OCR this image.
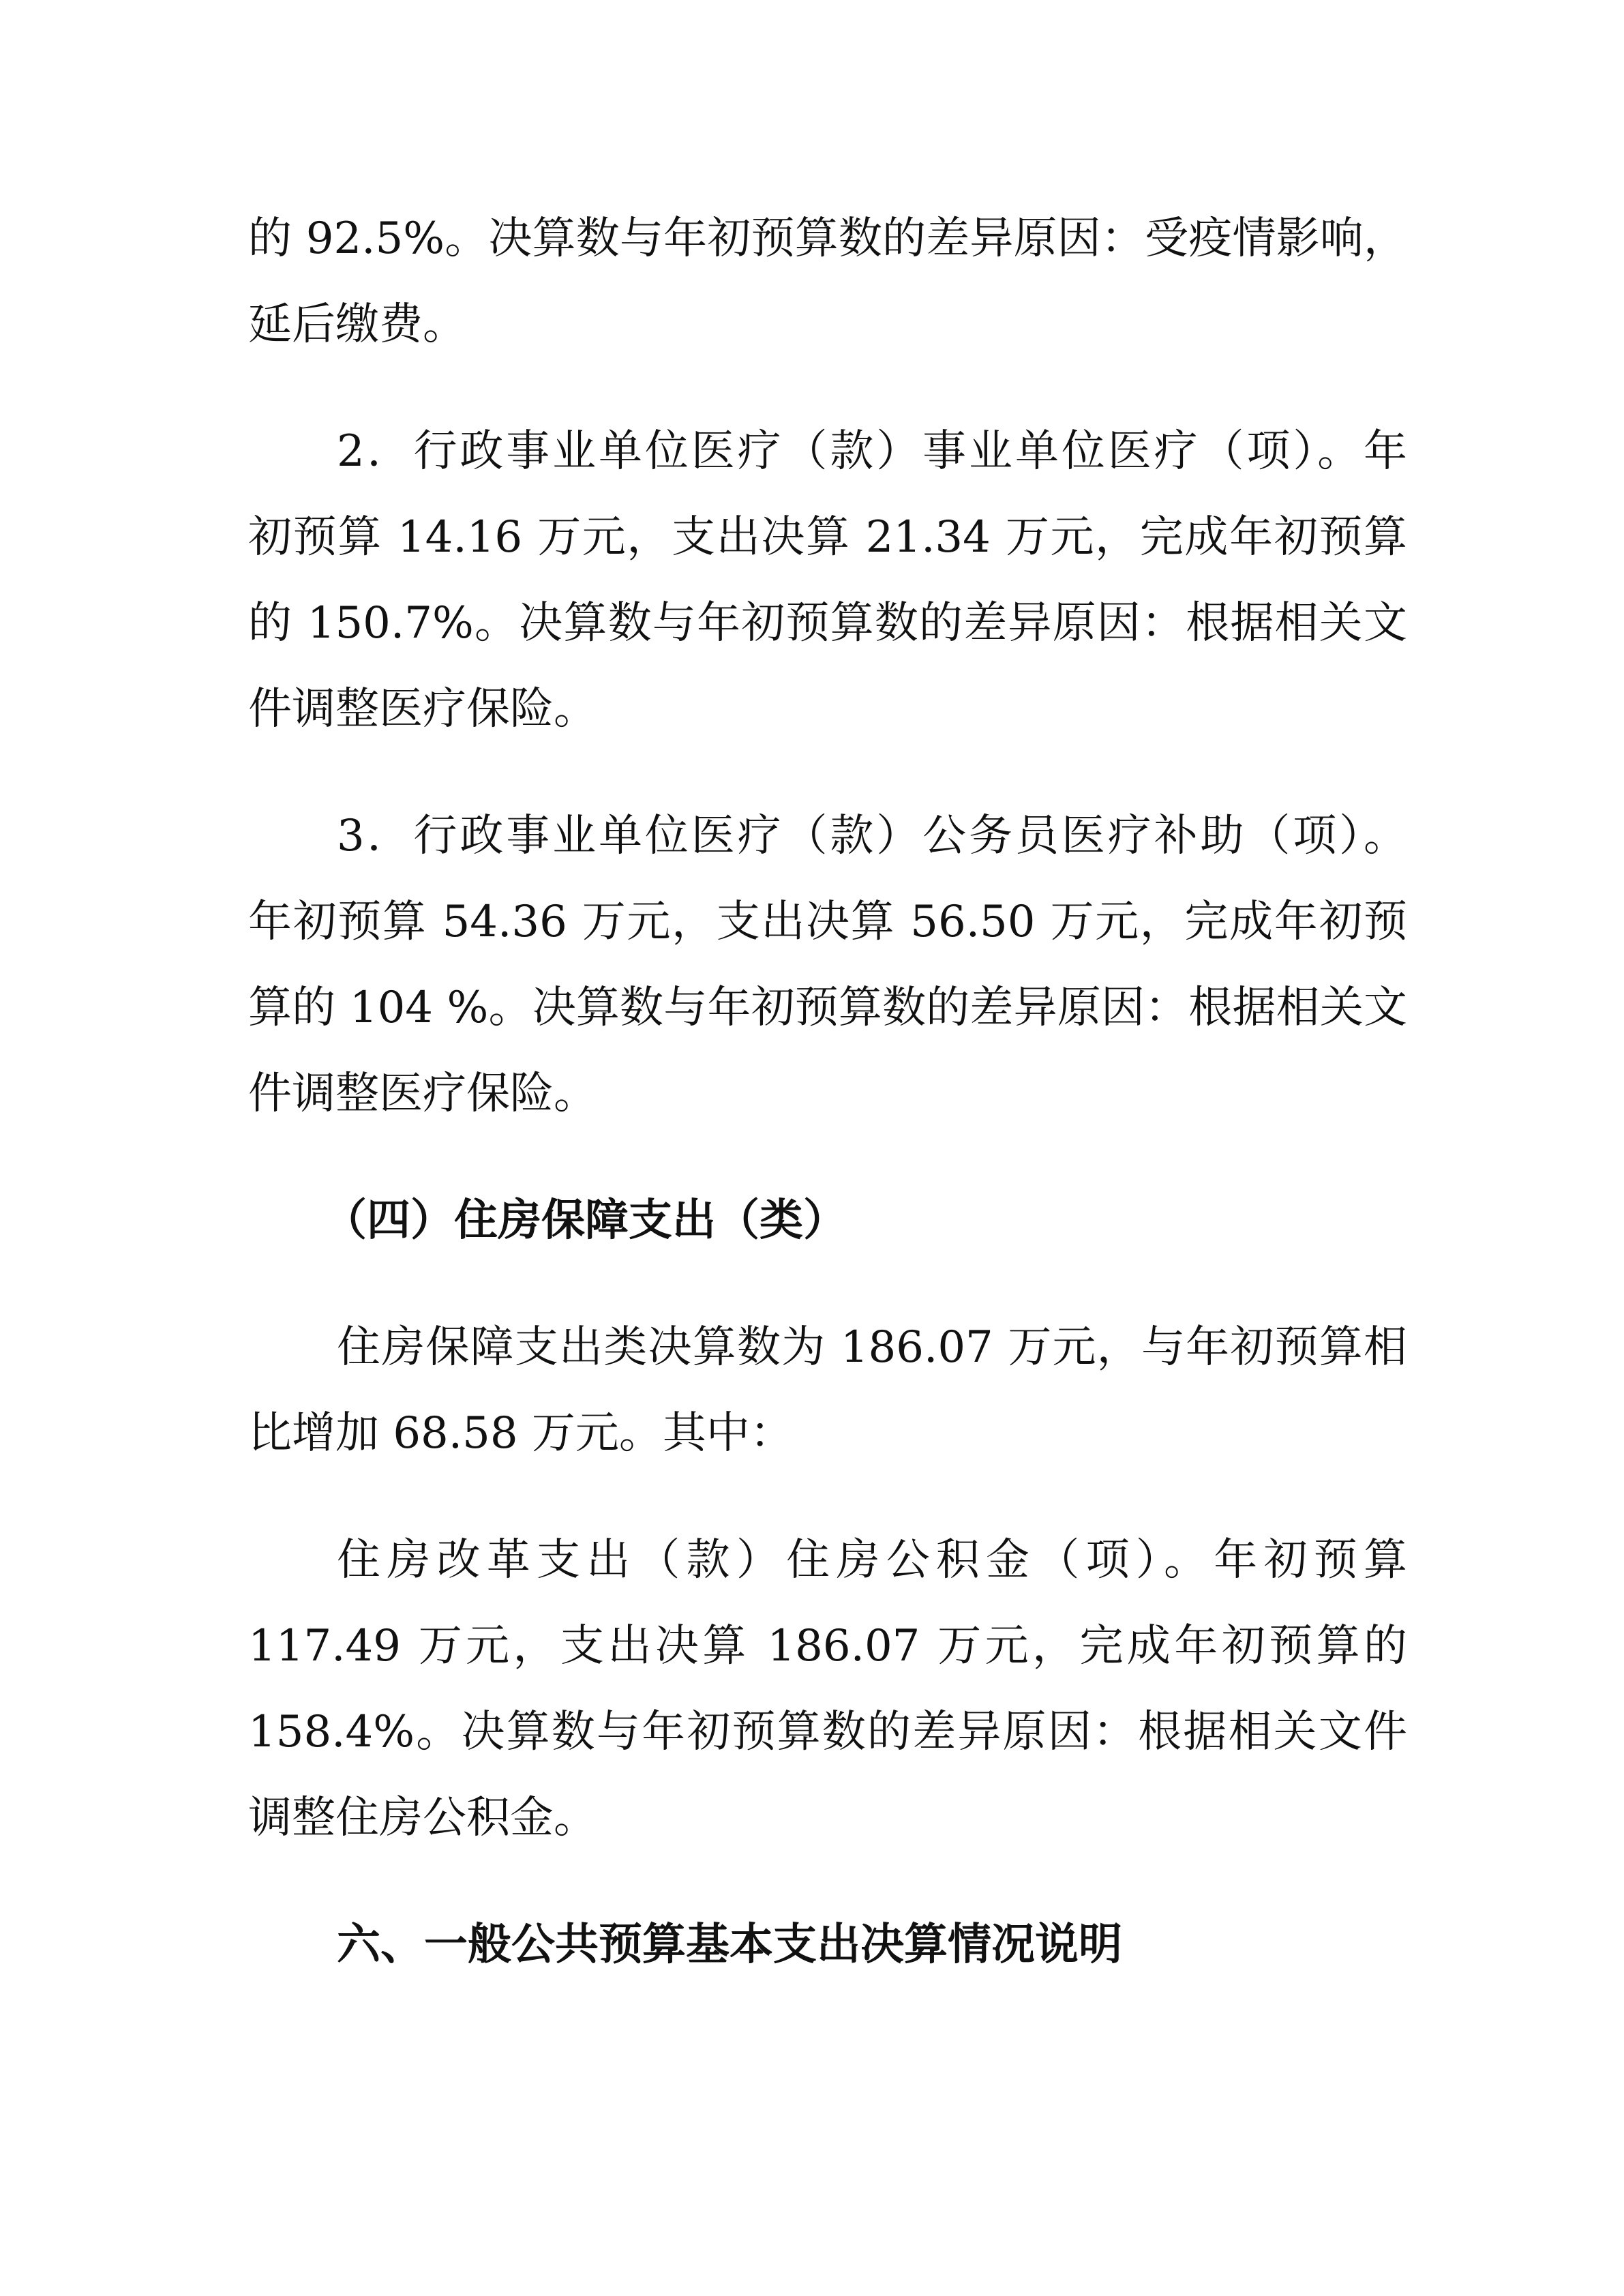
的 92.5%。决算数与年初预算数的差异原因：受疫情影响，

延后缴费。

2．行政事业单位医疗（款）事业单位医疗（项）。年

初预算 14.16 万元，支出决算 21.34 万元，完成年初预算

的 150.7%。决算数与年初预算数的差异原因：根据相关文

件调整医疗保险。

3．行政事业单位医疗（款）公务员医疗补助（项）。

年初预算 54.36 万元，支出决算 56.50 万元，完成年初预

算的 104 %。决算数与年初预算数的差异原因：根据相关文

件调整医疗保险。

（四）住房保障支出（类）

住房保障支出类决算数为 186.07 万元，与年初预算相

比增加 68.58 万元。其中：

住房改革支出（款）住房公积金（项）。年初预算

117.49 万元，支出决算 186.07 万元，完成年初预算的

158.4%。决算数与年初预算数的差异原因：根据相关文件

调整住房公积金。

六、一般公共预算基本支出决算情况说明
